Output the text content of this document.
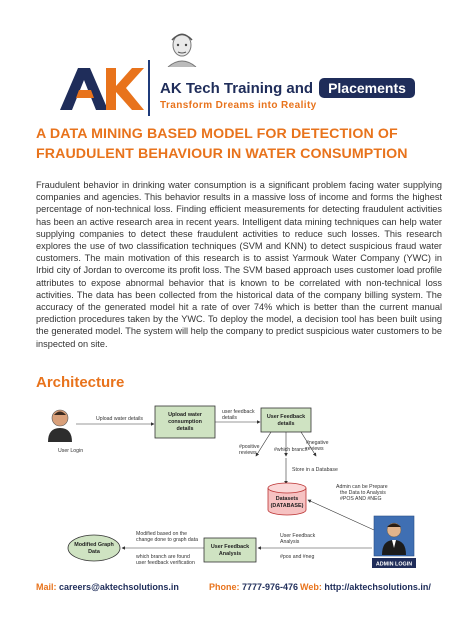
AK Tech Training and	Placements
Transform Dreams into Reality
A DATA MINING BASED MODEL FOR DETECTION OF FRAUDULENT BEHAVIOUR IN WATER CONSUMPTION
Fraudulent behavior in drinking water consumption is a significant problem facing water supplying companies and agencies. This behavior results in a massive loss of income and forms the highest percentage of non-technical loss. Finding efficient measurements for detecting fraudulent activities has been an active research area in recent years. Intelligent data mining techniques can help water supplying companies to detect these fraudulent activities to reduce such losses. This research explores the use of two classification techniques (SVM and KNN) to detect suspicious fraud water customers. The main motivation of this research is to assist Yarmouk Water Company (YWC) in Irbid city of Jordan to overcome its profit loss. The SVM based approach uses customer load profile attributes to expose abnormal behavior that is known to be correlated with non-technical loss activities. The data has been collected from the historical data of the company billing system. The accuracy of the generated model hit a rate of over 74% which is better than the current manual prediction procedures taken by the YWC. To deploy the model, a decision tool has been built using the generated model. The system will help the company to predict suspicious water customers to be inspected on site.
Architecture
User Login
Upload water
consumption
details
Upload water details	User Feedback
details
user feedback
details
#positive
reviews	#which branch
#negative
reviews
Store in a Database
Datasets
(DATABASE)
Admin can be Prepare
the Data to Analysis
#POS AND #NEG
ADMIN LOGIN
Modified Graph
Data
User Feedback
Analysis
Modified based on the
change done to graph data
which branch are found
user feedback verification
User Feedback
Analysis
#pos and #neg
Mail: careers@aktechsolutions.in	Phone: 7777-976-476 Web: http://aktechsolutions.in/
